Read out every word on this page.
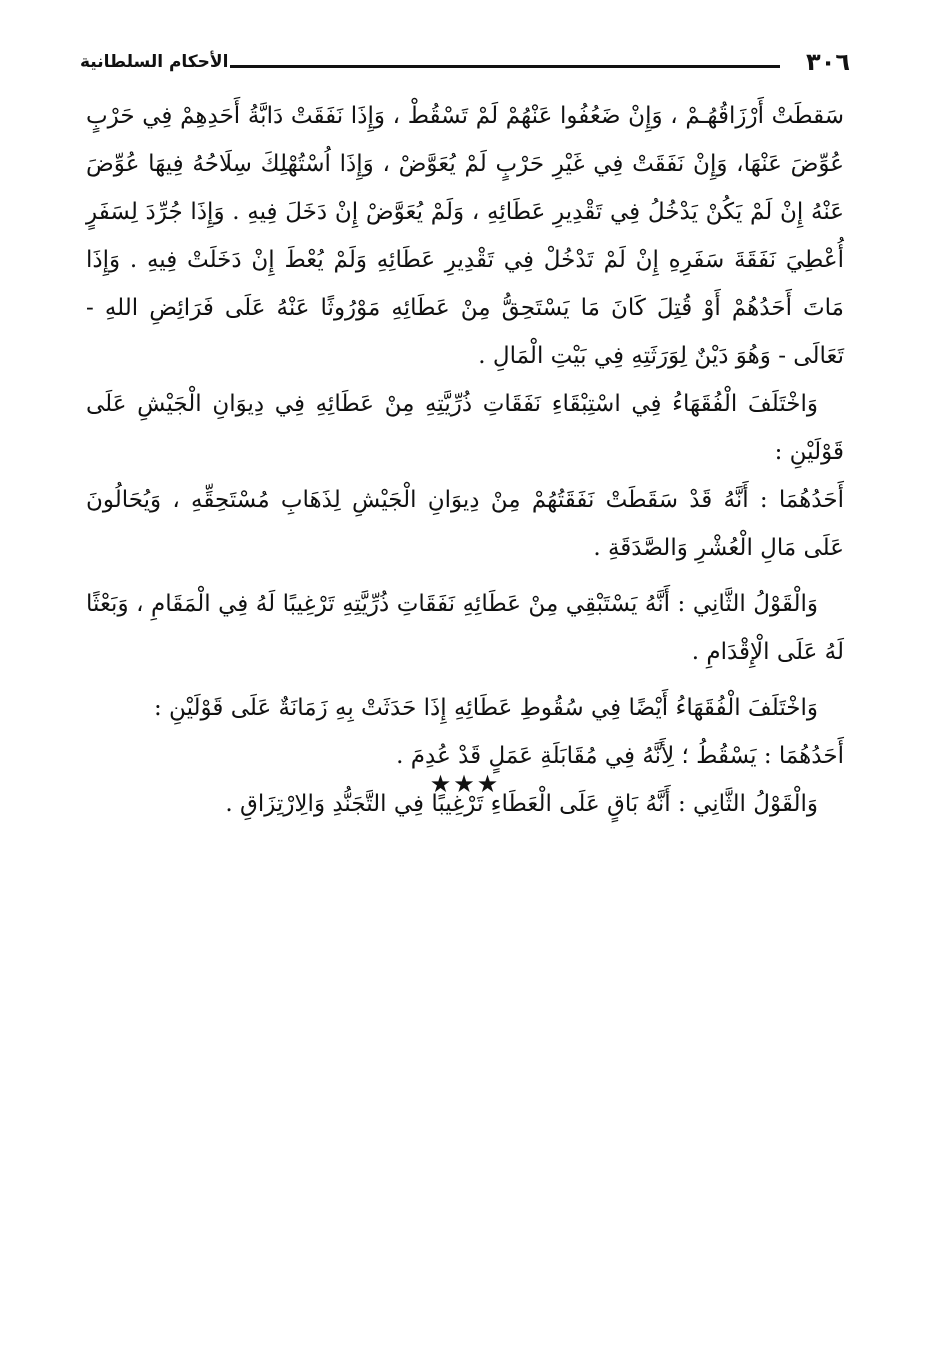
٣٠٦
الأحكام السلطانية

سَقطَتْ أَرْزَاقُهُـمْ ، وَإِنْ ضَعُفُوا عَنْهُمْ لَمْ تَسْقُطْ ، وَإِذَا نَفَقَتْ دَابَّةُ أَحَدِهِمْ فِي حَرْبٍ عُوِّضَ عَنْهَا، وَإِنْ نَفَقَتْ فِي غَيْرِ حَرْبٍ لَمْ يُعَوَّضْ ، وَإِذَا اُسْتُهْلِكَ سِلَاحُهُ فِيهَا عُوِّضَ عَنْهُ إِنْ لَمْ يَكُنْ يَدْخُلُ فِي تَقْدِيرِ عَطَائِهِ ، وَلَمْ يُعَوَّضْ إِنْ دَخَلَ فِيهِ . وَإِذَا جُرِّدَ لِسَفَرٍ أُعْطِيَ نَفَقَةَ سَفَرِهِ إِنْ لَمْ تَدْخُلْ فِي تَقْدِيرِ عَطَائِهِ وَلَمْ يُعْطَ إِنْ دَخَلَتْ فِيهِ . وَإِذَا مَاتَ أَحَدُهُمْ أَوْ قُتِلَ كَانَ مَا يَسْتَحِقُّ مِنْ عَطَائِهِ مَوْرُوثًا عَنْهُ عَلَى فَرَائِضِ اللهِ - تَعَالَى - وَهُوَ دَيْنٌ لِوَرَثَتِهِ فِي بَيْتِ الْمَالِ .

وَاخْتَلَفَ الْفُقَهَاءُ فِي اسْتِبْقَاءِ نَفَقَاتِ ذُرِّيَّتِهِ مِنْ عَطَائِهِ فِي دِيوَانِ الْجَيْشِ عَلَى قَوْلَيْنِ :

أَحَدُهُمَا : أَنَّهُ قَدْ سَقَطَتْ نَفَقَتُهُمْ مِنْ دِيوَانِ الْجَيْشِ لِذَهَابِ مُسْتَحِقِّهِ ، وَيُحَالُونَ عَلَى مَالِ الْعُشْرِ وَالصَّدَقَةِ .

وَالْقَوْلُ الثَّانِي : أَنَّهُ يَسْتَبْقِي مِنْ عَطَائِهِ نَفَقَاتِ ذُرِّيَّتِهِ تَرْغِيبًا لَهُ فِي الْمَقَامِ ، وَبَعْثًا لَهُ عَلَى الْإِقْدَامِ .

وَاخْتَلَفَ الْفُقَهَاءُ أَيْضًا فِي سُقُوطِ عَطَائِهِ إِذَا حَدَثَتْ بِهِ زَمَانَةٌ عَلَى قَوْلَيْنِ :

أَحَدُهُمَا : يَسْقُطُ ؛ لِأَنَّهُ فِي مُقَابَلَةِ عَمَلٍ قَدْ عُدِمَ .

وَالْقَوْلُ الثَّانِي : أَنَّهُ بَاقٍ عَلَى الْعَطَاءِ تَرْغِيبًا فِي التَّجَنُّدِ وَالِارْتِزَاقِ .

★★★
